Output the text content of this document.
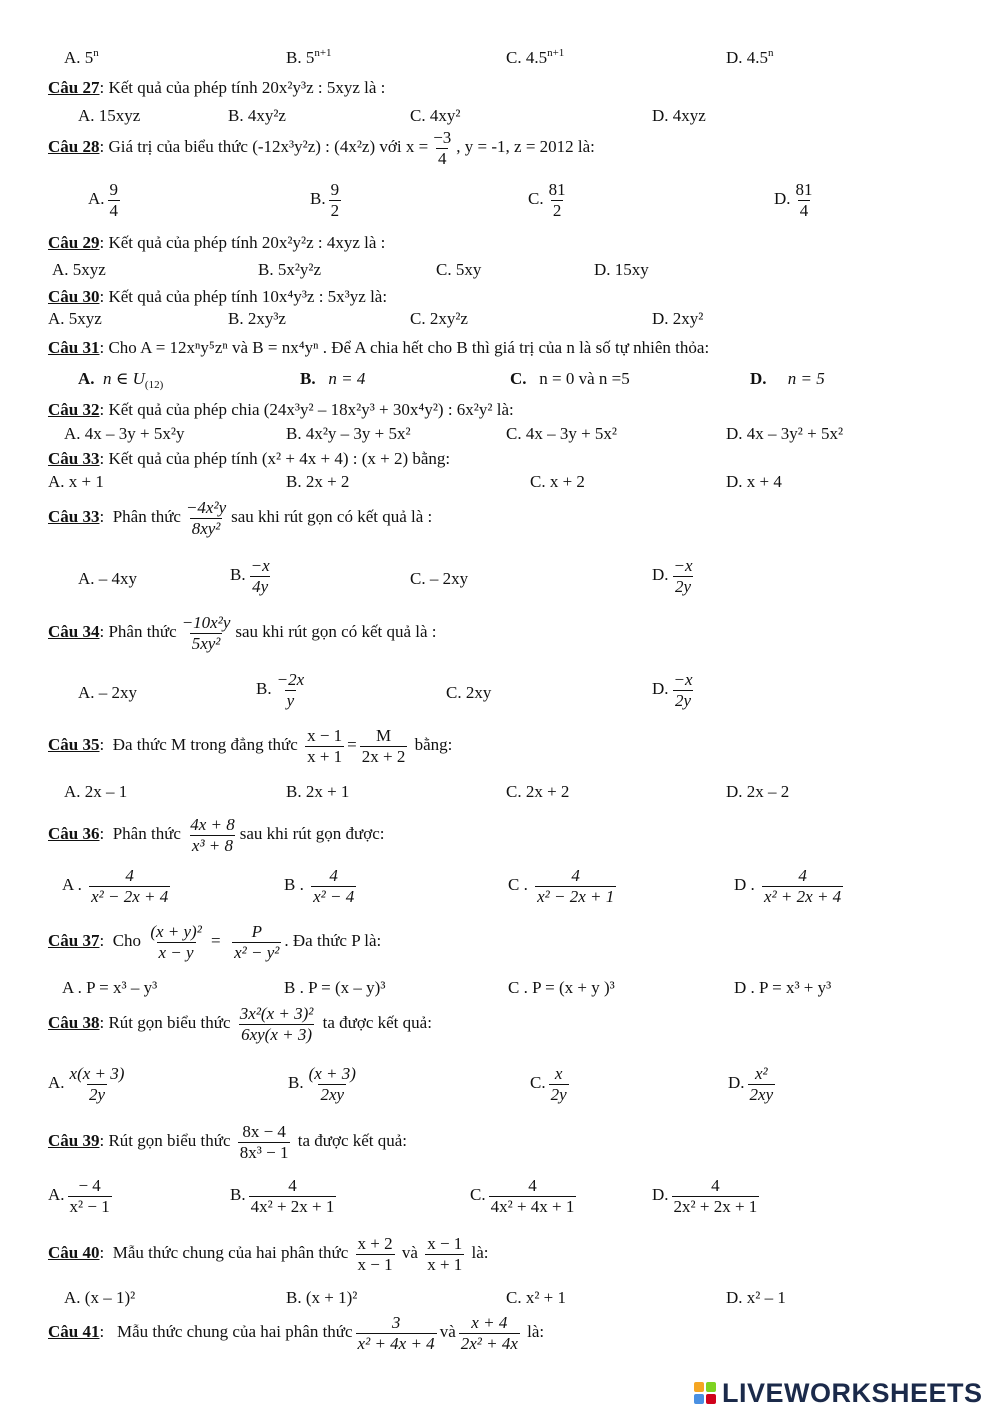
A. 5$^n$	B. $5^{n+1}$	C. $4.5^{n+1}$	D. 4.5$^n$
Câu 27: Kết quả của phép tính 20x²y³z : 5xyz là :
A. 15xyz	B. 4xy²z	C. 4xy²	D. 4xyz
Câu 28: Giá trị của biểu thức (-12x³y²z) : (4x²z) với $x = \frac{-3}{4}$ , y = -1, z = 2012 là:
A. $\frac{9}{4}$	B. $\frac{9}{2}$	C. $\frac{81}{2}$	D. $\frac{81}{4}$
Câu 29: Kết quả của phép tính 20x²y²z : 4xyz là :
A. 5xyz	B. 5x²y²z	C. 5xy	D. 15xy
Câu 30: Kết quả của phép tính 10x⁴y³z : 5x³yz là:
A. 5xyz	B. 2xy³z	C. 2xy²z	D. 2xy²
Câu 31: Cho A = 12xⁿy⁵zⁿ và B = nx⁴yⁿ . Để A chia hết cho B thì giá trị của n là số tự nhiên thỏa:
A. n ∈ $U_{(12)}$	B. n = 4	C. n = 0 và n =5	D. n = 5
Câu 32: Kết quả của phép chia (24x³y² – 18x²y³ + 30x⁴y²) : 6x²y² là:
A. 4x – 3y + 5x²y	B. 4x²y – 3y + 5x²	C. 4x – 3y + 5x²	D. 4x – 3y² + 5x²
Câu 33: Kết quả của phép tính (x² + 4x + 4) : (x + 2) bằng:
A. x + 1	B. 2x + 2	C. x + 2	D. x + 4
Câu 33:  Phân thức $\frac{\text{−4x²y}}{\text{8xy²}}$ sau khi rút gọn có kết quả là :
A. – 4xy	B. $\frac{-x}{4y}$	C. – 2xy	D. $\frac{-x}{2y}$
Câu 34: Phân thức $\frac{\text{−10x²y}}{\text{5xy²}}$ sau khi rút gọn có kết quả là :
A. – 2xy	B. $\frac{-2x}{y}$	C. 2xy	D. $\frac{-x}{2y}$
Câu 35:  Đa thức M trong đẳng thức $\frac{x - 1}{x + 1} = \frac{M}{2x + 2}$ bằng:
A. 2x – 1	B. 2x + 1	C. 2x + 2	D. 2x – 2
Câu 36:  Phân thức $\frac{4x + 8}{\text{x³ + 8}}$ sau khi rút gọn được:
A . $\frac{4}{\text{x² − 2x + 4}}$	B . $\frac{4}{\text{x² − 4}}$	C . $\frac{4}{\text{x² − 2x + 1}}$	D . $\frac{4}{\text{x² + 2x + 4}}$
Câu 37:  Cho $\frac{\text{(x + y)²}}{x - y} = \frac{P}{\text{x² − y²}}$ . Đa thức P là:
A . P = x³ – y³	B . P = (x – y)³	C . P = (x + y )³	D . P = x³ + y³
Câu 38: Rút gọn biểu thức $\frac{\text{3x²(x + 3)²}}{6xy(x + 3)}$ ta được kết quả:
A. $\frac{x(x + 3)}{2y}$	B. $\frac{(x + 3)}{2xy}$	C. $\frac{x}{2y}$	D. $\frac{\text{x²}}{2xy}$
Câu 39: Rút gọn biểu thức $\frac{8x - 4}{\text{8x³ − 1}}$ ta được kết quả:
A. $\frac{- 4}{\text{x² − 1}}$	B. $\frac{4}{\text{4x² + 2x + 1}}$	C. $\frac{4}{\text{4x² + 4x + 1}}$	D. $\frac{4}{\text{2x² + 2x + 1}}$
Câu 40:  Mẫu thức chung của hai phân thức $\frac{x + 2}{x - 1}$ và $\frac{x - 1}{x + 1}$ là:
A. (x – 1)²	B. (x + 1)²	C. x² + 1	D. x² – 1
Câu 41:   Mẫu thức chung của hai phân thức $\frac{3}{\text{x² + 4x + 4}}$ và $\frac{x + 4}{\text{2x² + 4x}}$ là:
LIVEWORKSHEETS
